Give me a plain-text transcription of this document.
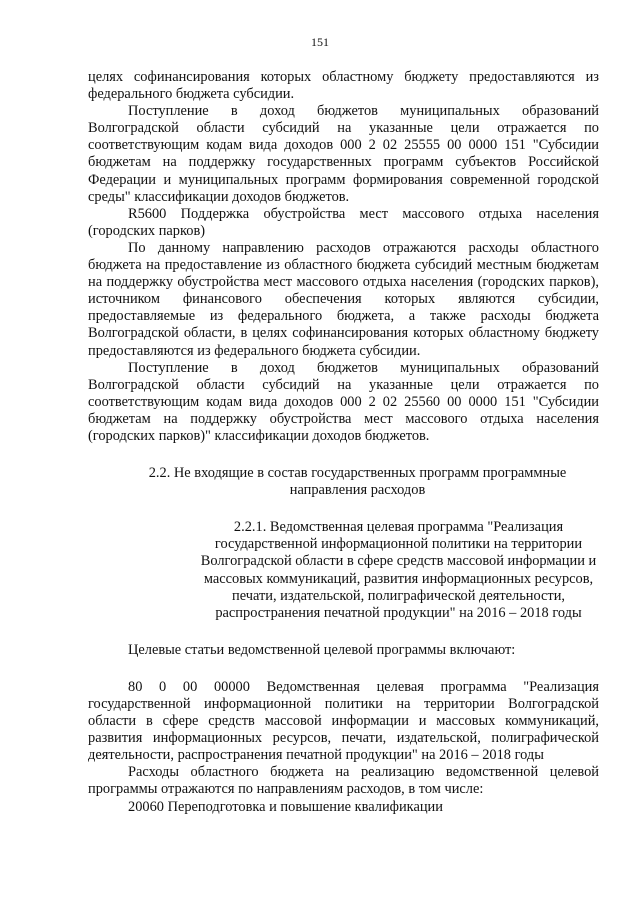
151

целях софинансирования которых областному бюджету предоставляются из федерального бюджета субсидии.

Поступление в доход бюджетов муниципальных образований Волгоградской области субсидий на указанные цели отражается по соответствующим кодам вида доходов 000 2 02 25555 00 0000 151 "Субсидии бюджетам на поддержку государственных программ субъектов Российской Федерации и муниципальных программ формирования современной городской среды" классификации доходов бюджетов.

R5600 Поддержка обустройства мест массового отдыха населения (городских парков)

По данному направлению расходов отражаются расходы областного бюджета на предоставление из областного бюджета субсидий местным бюджетам на поддержку обустройства мест массового отдыха населения (городских парков), источником финансового обеспечения которых являются субсидии, предоставляемые из федерального бюджета, а также расходы бюджета Волгоградской области, в целях софинансирования которых областному бюджету предоставляются из федерального бюджета субсидии.

Поступление в доход бюджетов муниципальных образований Волгоградской области субсидий на указанные цели отражается по соответствующим кодам вида доходов 000 2 02 25560 00 0000 151 "Субсидии бюджетам на поддержку обустройства мест массового отдыха населения (городских парков)" классификации доходов бюджетов.

2.2. Не входящие в состав государственных программ программные направления расходов

2.2.1. Ведомственная целевая программа "Реализация государственной информационной политики на территории Волгоградской области в сфере средств массовой информации и массовых коммуникаций, развития информационных ресурсов, печати, издательской, полиграфической деятельности, распространения печатной продукции" на 2016 – 2018 годы

Целевые статьи ведомственной целевой программы включают:

80 0 00 00000 Ведомственная целевая программа "Реализация государственной информационной политики на территории Волгоградской области в сфере средств массовой информации и массовых коммуникаций, развития информационных ресурсов, печати, издательской, полиграфической деятельности, распространения печатной продукции" на 2016 – 2018 годы

Расходы областного бюджета на реализацию ведомственной целевой программы отражаются по направлениям расходов, в том числе:

20060 Переподготовка и повышение квалификации
